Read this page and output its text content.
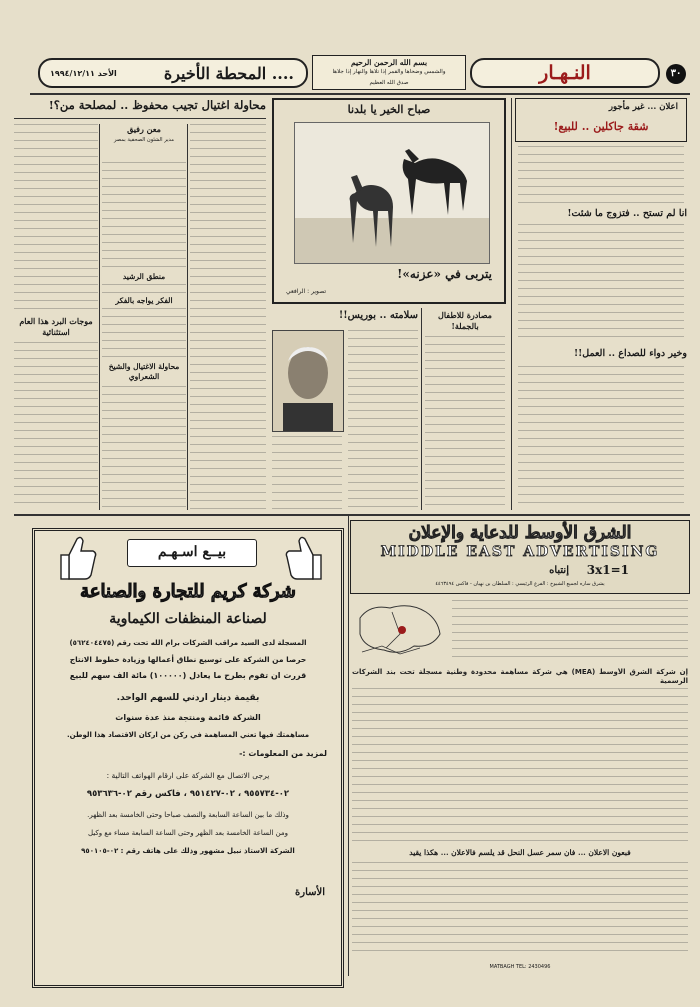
النـهـار	٣٠
بسم الله الرحمن الرحيم
والشمس وضحاها والقمر إذا تلاها والنهار إذا جلاها
صدق الله العظيم
.... المحطة الأخيرة
الأحد ١٩٩٤/١٢/١١
اعلان ... غير مأجور
شقة جاكلين .. للبيع!
انا لم تستح .. فتزوج ما شئت!
وخير دواء للصداع .. العمل!!
صباح الخير يا بلدنا
يتربى في «عزنه»!
تصوير : الرافعي
مصادرة للاطفال بالجملة!
سلامته .. بوريس!!
محاولة اغتيال تجيب محفوظ .. لمصلحة من؟!
معن رفيق
مدير الشئون الصحفية بمصر
منطق الرشيد
الفكر يواجه بالفكر
محاولة الاغتيال والشيخ الشعراوي
موجات البرد هذا العام استثنائية
الشرق الأوسط للدعاية والإعلان
MIDDLE EAST ADVERTISING
إنتباه 3x1=1
يشرق ساره لجميع الشيوخ : الفرع الرئيسي : السلطان بن نهيان - فاكس ٤٤٦٣٤٩٤
إن شركة الشرق الأوسط (MEA) هي شركة مساهمة محدودة وطنية مسجلة تحت بند الشركات الرسمية
فبعون الاعلان ... فان سمر عسل النحل قد يلسم فالاعلان ... هكذا يقيد
MATBAGH TEL: 2430496
بيــع اسـهـم
شركة كريم للتجارة والصناعة
لصناعة المنظفات الكيماوية
المسجلة لدى السيد مراقب الشركات برام الله تحت رقم (٥٦٢٤٠٤٤٧٥)
حرصا من الشركة على توسيع نطاق أعمالها وزيادة خطوط الانتاج
قررت ان تقوم بطرح ما يعادل (١٠٠٠٠٠) مائة الف سهم للبيع
بقيمة دينار اردني للسهم الواحد.
الشركة قائمة ومنتجة منذ عدة سنوات
مساهمتك فيها تعني المساهمة في ركن من اركان الاقتصاد هذا الوطن.
لمزيد من المعلومات :-
يرجى الاتصال مع الشركة على ارقام الهواتف التالية :
٠٢-٩٥٥٧٣٤ ، ٠٢-٩٥١٤٢٧ ، فاكس رقم ٠٢-٩٥٣٦٣٦
وذلك ما بين الساعة السابعة والنصف صباحا وحتى الخامسة بعد الظهر.
ومن الساعة الخامسة بعد الظهر وحتى الساعة السابعة مساء مع وكيل
الشركة الاستاذ نبيل مشهور وذلك على هاتف رقم : ٠٢-٩٥٠١٠٥
الأسارة
